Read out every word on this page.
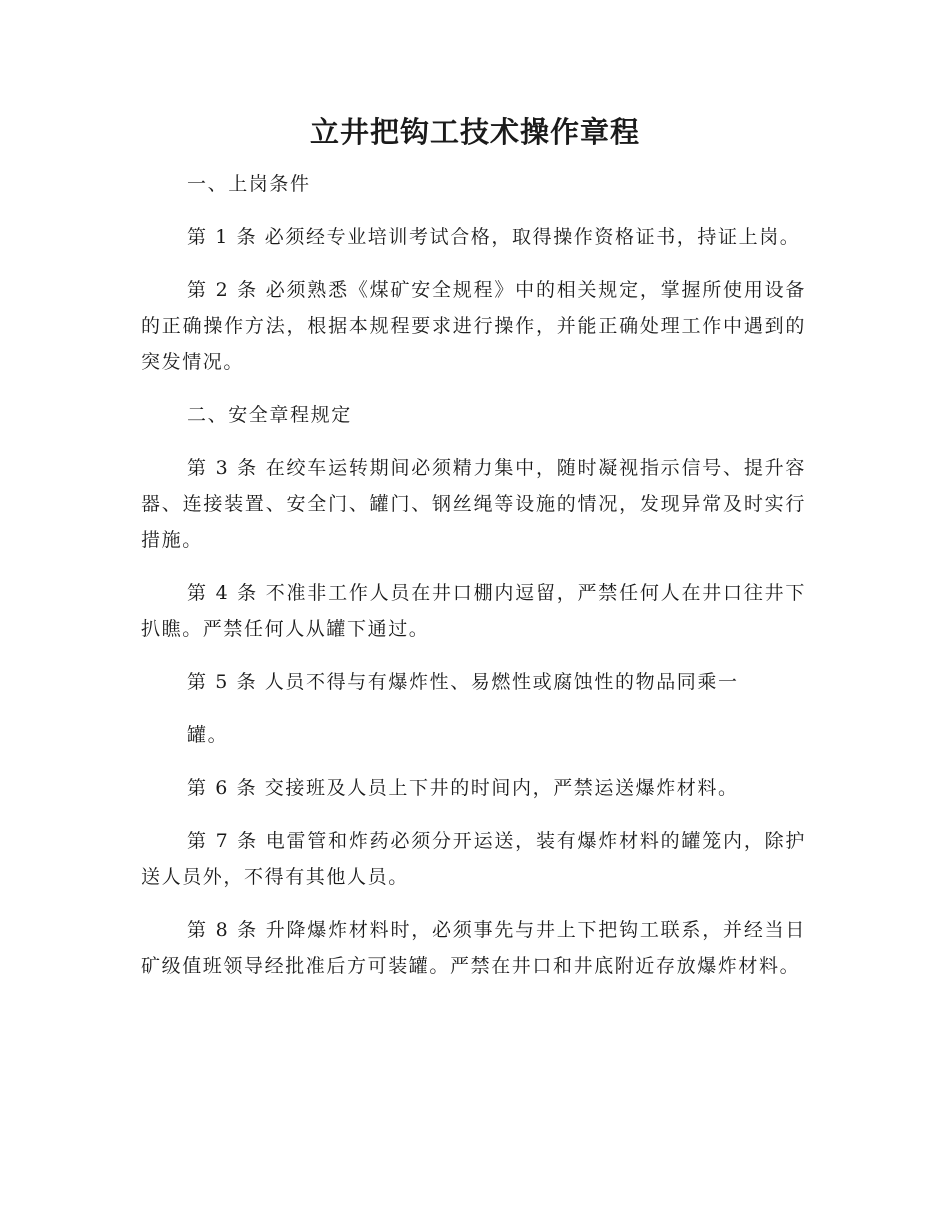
立井把钩工技术操作章程

一、上岗条件

第 1 条 必须经专业培训考试合格，取得操作资格证书，持证上岗。

第 2 条 必须熟悉《煤矿安全规程》中的相关规定，掌握所使用设备的正确操作方法，根据本规程要求进行操作，并能正确处理工作中遇到的突发情况。

二、安全章程规定

第 3 条 在绞车运转期间必须精力集中，随时凝视指示信号、提升容器、连接装置、安全门、罐门、钢丝绳等设施的情况，发现异常及时实行措施。

第 4 条 不准非工作人员在井口棚内逗留，严禁任何人在井口往井下扒瞧。严禁任何人从罐下通过。

第 5 条 人员不得与有爆炸性、易燃性或腐蚀性的物品同乘一

罐。

第 6 条 交接班及人员上下井的时间内，严禁运送爆炸材料。

第 7 条 电雷管和炸药必须分开运送，装有爆炸材料的罐笼内，除护送人员外，不得有其他人员。

第 8 条 升降爆炸材料时，必须事先与井上下把钩工联系，并经当日矿级值班领导经批准后方可装罐。严禁在井口和井底附近存放爆炸材料。
